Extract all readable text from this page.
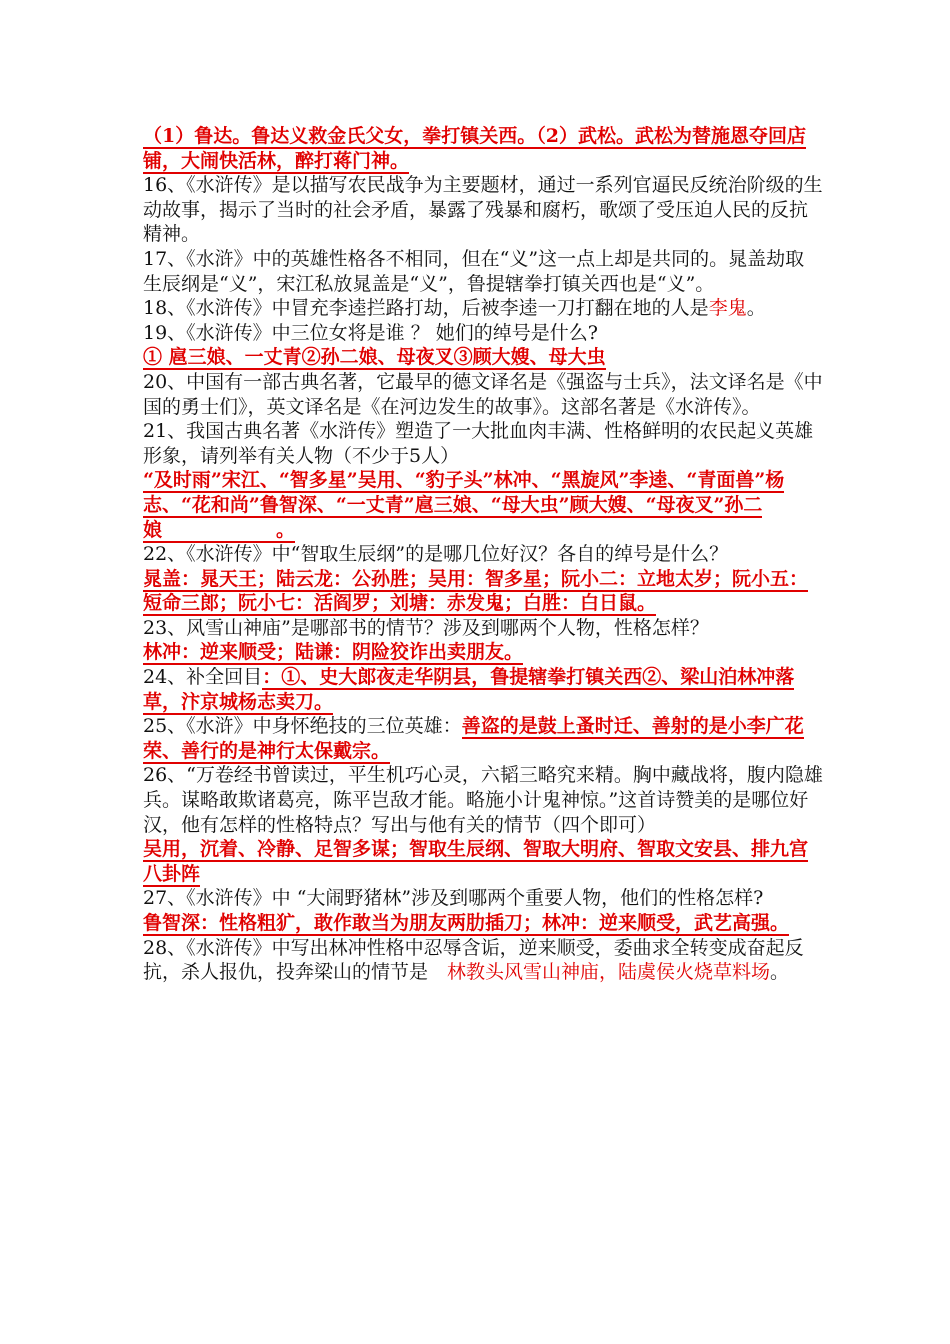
（1）鲁达。鲁达义救金氏父女，拳打镇关西。（2）武松。武松为替施恩夺回店铺，大闹快活林，醉打蒋门神。

16、《水浒传》是以描写农民战争为主要题材，通过一系列官逼民反统治阶级的生动故事，揭示了当时的社会矛盾，暴露了残暴和腐朽，歌颂了受压迫人民的反抗精神。

17、《水浒》中的英雄性格各不相同，但在“义”这一点上却是共同的。晁盖劫取生辰纲是“义”，宋江私放晁盖是“义”，鲁提辖拳打镇关西也是“义”。

18、《水浒传》中冒充李逵拦路打劫，后被李逵一刀打翻在地的人是李鬼。

19、《水浒传》中三位女将是谁 ？ 她们的绰号是什么?

① 扈三娘、一丈青②孙二娘、母夜叉③顾大嫂、母大虫

20、中国有一部古典名著，它最早的德文译名是《强盗与士兵》，法文译名是《中国的勇士们》，英文译名是《在河边发生的故事》。这部名著是《水浒传》。

21、我国古典名著《水浒传》塑造了一大批血肉丰满、性格鲜明的农民起义英雄形象，请列举有关人物（不少于5人）

“及时雨”宋江、“智多星”吴用、“豹子头”林冲、“黑旋风”李逵、“青面兽”杨志、“花和尚”鲁智深、“一丈青”扈三娘、“母大虫”顾大嫂、“母夜叉”孙二娘　　　　　　。

22、《水浒传》中“智取生辰纲”的是哪几位好汉？各自的绰号是什么？

晁盖：晁天王；陆云龙：公孙胜；吴用：智多星；阮小二：立地太岁；阮小五：短命三郎；阮小七：活阎罗；刘塘：赤发鬼；白胜：白日鼠。

23、风雪山神庙”是哪部书的情节？涉及到哪两个人物，性格怎样？

林冲：逆来顺受；陆谦：阴险狡诈出卖朋友。

24、补全回目：①、史大郎夜走华阴县，鲁提辖拳打镇关西②、梁山泊林冲落草，汴京城杨志卖刀。

25、《水浒》中身怀绝技的三位英雄：善盗的是鼓上蚤时迁、善射的是小李广花荣、善行的是神行太保戴宗。

26、“万卷经书曾读过，平生机巧心灵，六韬三略究来精。胸中藏战将，腹内隐雄兵。谋略敢欺诸葛亮，陈平岂敌才能。略施小计鬼神惊。”这首诗赞美的是哪位好汉，他有怎样的性格特点？写出与他有关的情节（四个即可）

吴用，沉着、冷静、足智多谋；智取生辰纲、智取大明府、智取文安县、排九宫八卦阵

27、《水浒传》中 “大闹野猪林”涉及到哪两个重要人物，他们的性格怎样?

鲁智深：性格粗犷，敢作敢当为朋友两肋插刀；林冲：逆来顺受，武艺高强。

28、《水浒传》中写出林冲性格中忍辱含诟，逆来顺受，委曲求全转变成奋起反抗，杀人报仇，投奔梁山的情节是　林教头风雪山神庙，陆虞侯火烧草料场。
